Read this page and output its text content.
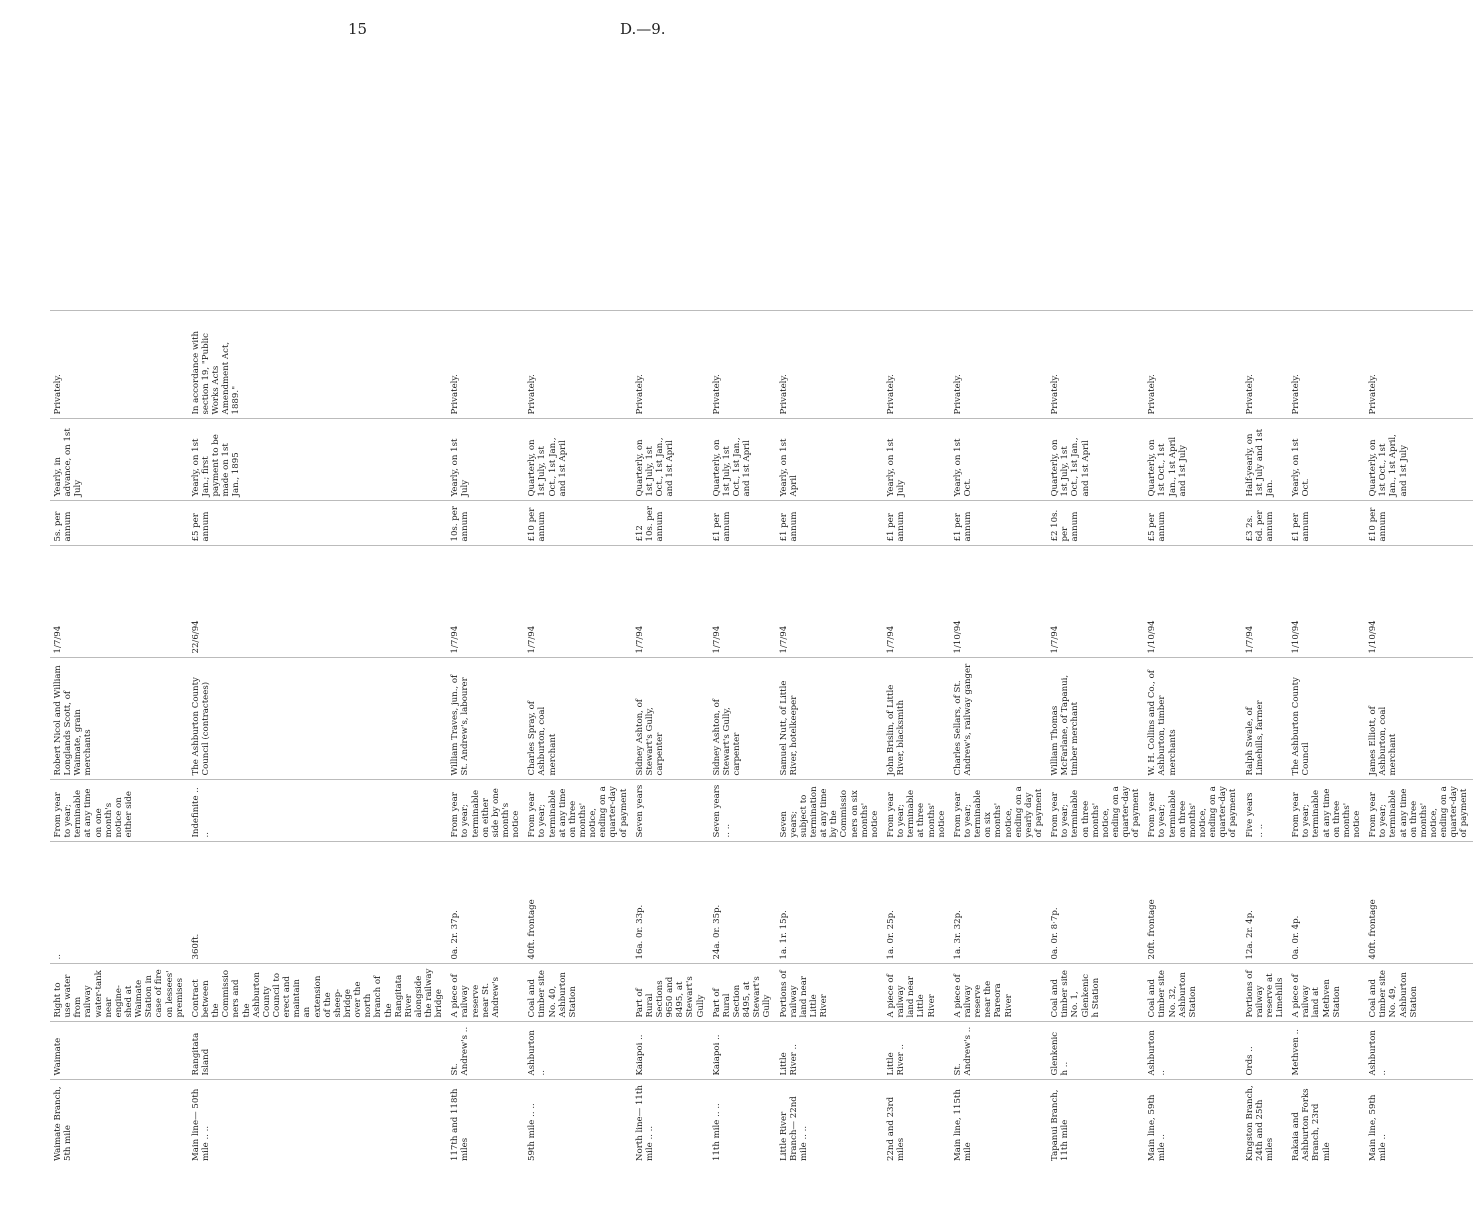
15	D.—9.
Waimate Branch, 5th mile	Waimate	Right to use water from railway water-tank near engine-shed at Waimate Station in case of fire on lessees' premises	..	From year to year; terminable at any time on one month's notice on either side	Robert Nicol and William Longlands Scott, of Waimate, grain merchants	1/7/94	5s. per annum	Yearly, in advance, on 1st July	Privately.	
Main line— 50th mile .. ..	Rangitata Island	Contract between the Commissioners and the Ashburton County Council to erect and maintain an extension of the sheep-bridge over the north branch of the Rangitata River alongside the railway bridge	360ft.	Indefinite .. ..	The Ashburton County Council (contractees)	22/6/94	£5 per annum	Yearly, on 1st Jan.; first payment to be made on 1st Jan., 1895	In accordance with section 19, "Public Works Acts Amendment Act, 1889."	
117th and 118th miles	St. Andrew's ..	A piece of railway reserve near St. Andrew's	0a. 2r. 37p.	From year to year; terminable on either side by one month's notice	William Traves, jun., of St. Andrew's, labourer	1/7/94	10s. per annum	Yearly, on 1st July	Privately.	
59th mile .. ..	Ashburton ..	Coal and timber site No. 40, Ashburton Station	40ft. frontage	From year to year; terminable at any time on three months' notice, ending on a quarter-day of payment	Charles Spray, of Ashburton, coal merchant	1/7/94	£10 per annum	Quarterly, on 1st July, 1st Oct., 1st Jan., and 1st April	Privately.	
North line— 11th mile .. ..	Kaiapoi ..	Part of Rural Sections 9650 and 8495, at Stewart's Gully	16a. 0r. 33p.	Seven years	Sidney Ashton, of Stewart's Gully, carpenter	1/7/94	£12 10s. per annum	Quarterly, on 1st July, 1st Oct., 1st Jan., and 1st April	Privately.	
11th mile .. ..	Kaiapoi ..	Part of Rural Section 8495, at Stewart's Gully	24a. 0r. 35p.	Seven years .. ..	Sidney Ashton, of Stewart's Gully, carpenter	1/7/94	£1 per annum	Quarterly, on 1st July, 1st Oct., 1st Jan., and 1st April	Privately.	
Little River Branch— 22nd mile .. ..	Little River ..	Portions of railway land near Little River	1a. 1r. 15p.	Seven years; subject to termination at any time by the Commissioners on six months' notice	Samuel Nutt, of Little River, hotelkeeper	1/7/94	£1 per annum	Yearly, on 1st April	Privately.	
22nd and 23rd miles	Little River ..	A piece of railway land near Little River	1a. 0r. 25p.	From year to year; terminable at three months' notice	John Brislin, of Little River, blacksmith	1/7/94	£1 per annum	Yearly, on 1st July	Privately.	
Main line, 115th mile	St. Andrew's ..	A piece of railway reserve near the Pareora River	1a. 3r. 32p.	From year to year; terminable on six months' notice, ending on a yearly day of payment	Charles Sellars, of St. Andrew's, railway ganger	1/10/94	£1 per annum	Yearly, on 1st Oct.	Privately.	
Tapanui Branch, 11th mile	Glenkenich ..	Coal and timber site No. 1, Glenkenich Station	0a. 0r. 8·7p.	From year to year; terminable on three months' notice, ending on a quarter-day of payment	William Thomas McFarlane, of Tapanui, timber merchant	1/7/94	£2 10s. per annum	Quarterly, on 1st July, 1st Oct., 1st Jan., and 1st April	Privately.	
Main line, 59th mile ..	Ashburton ..	Coal and timber site No. 32, Ashburton Station	20ft. frontage	From year to year; terminable on three months' notice, ending on a quarter-day of payment	W. H. Collins and Co., of Ashburton, timber merchants	1/10/94	£5 per annum	Quarterly, on 1st Oct., 1st Jan., 1st April and 1st July	Privately.	
Kingston Branch, 24th and 25th miles	Ords ..	Portions of railway reserve at Limehills	12a. 2r. 4p.	Five years .. ..	Ralph Swale, of Limehills, farmer	1/7/94	£3 2s. 6d. per annum	Half-yearly, on 1st July and 1st Jan.	Privately.	
Rakaia and Ashburton Forks Branch, 23rd mile	Methven ..	A piece of railway land at Methven Station	0a. 0r. 4p.	From year to year; terminable at any time on three months' notice	The Ashburton County Council	1/10/94	£1 per annum	Yearly, on 1st Oct.	Privately.	
Main line, 59th mile ..	Ashburton ..	Coal and timber site No. 49, Ashburton Station	40ft. frontage	From year to year; terminable at any time on three months' notice, ending on a quarter-day of payment	James Elliott, of Ashburton, coal merchant	1/10/94	£10 per annum	Quarterly, on 1st Oct., 1st Jan., 1st April, and 1st July	Privately.	
